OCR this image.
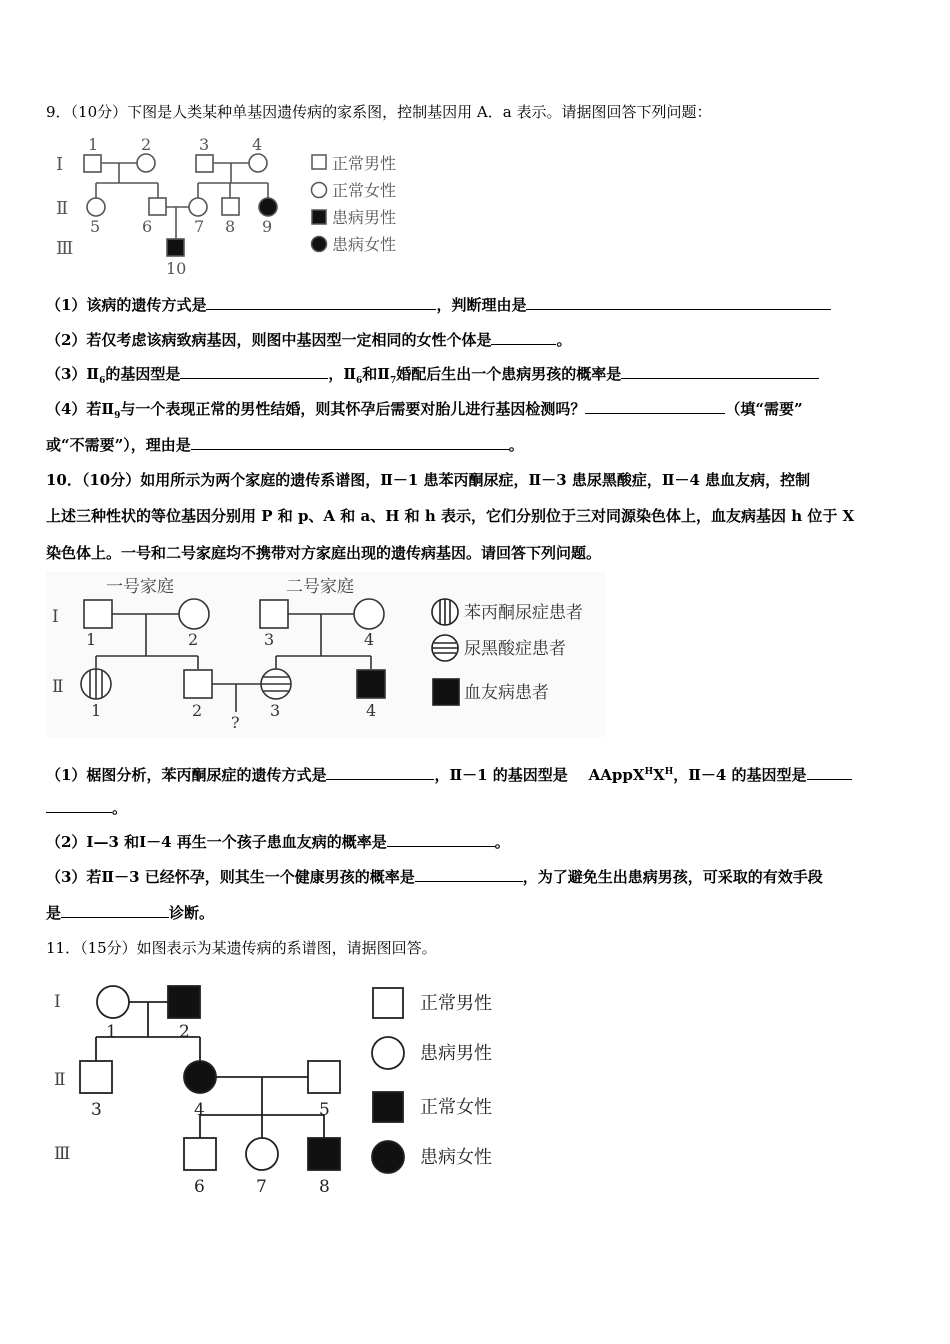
9．（10分）下图是人类某种单基因遗传病的家系图，控制基因用 A．a 表示。请据图回答下列问题：
Ⅰ
Ⅱ
Ⅲ
1	2	3	4
5	6	7 8 9
10
正常男性
正常女性
患病男性
患病女性
（1）该病的遗传方式是	，判断理由是
（2）若仅考虑该病致病基因，则图中基因型一定相同的女性个体是	。
$(3)Ⅱ_6$的基因型是	，$Ⅱ_6$和$Ⅱ_7$婚配后生出一个患病男孩的概率是
（4）若$Ⅱ_9$与一个表现正常的男性结婚，则其怀孕后需要对胎儿进行基因检测吗？	（填“需要”
或“不需要”），理由是	。
10．（10分）如用所示为两个家庭的遗传系谱图，Ⅱ－1 患苯丙酮尿症，Ⅱ－3 患尿黑酸症，Ⅱ－4 患血友病，控制
上述三种性状的等位基因分别用 P 和 p、A 和 a、H 和 h 表示，它们分别位于三对同源染色体上，血友病基因 h 位于 X
染色体上。一号和二号家庭均不携带对方家庭出现的遗传病基因。请回答下列问题。
一号家庭	二号家庭
Ⅰ
Ⅱ
1	2	3	4
1	2	3	4
?
苯丙酮尿症患者
尿黑酸症患者
血友病患者
（1）椐图分析，苯丙酮尿症的遗传方式是	，Ⅱ－1 的基因型是 $AAppX^HX^H$，Ⅱ－4 的基因型是
。
（2）Ⅰ—3 和Ⅰ－4 再生一个孩子患血友病的概率是	。
（3）若Ⅱ－3 已经怀孕，则其生一个健康男孩的概率是	，为了避免生出患病男孩，可采取的有效手段
是	诊断。
11．（15分）如图表示为某遗传病的系谱图，请据图回答。
Ⅰ
Ⅱ
Ⅲ
1	2
3	4	5
6	7	8
正常男性
患病男性
正常女性
患病女性
